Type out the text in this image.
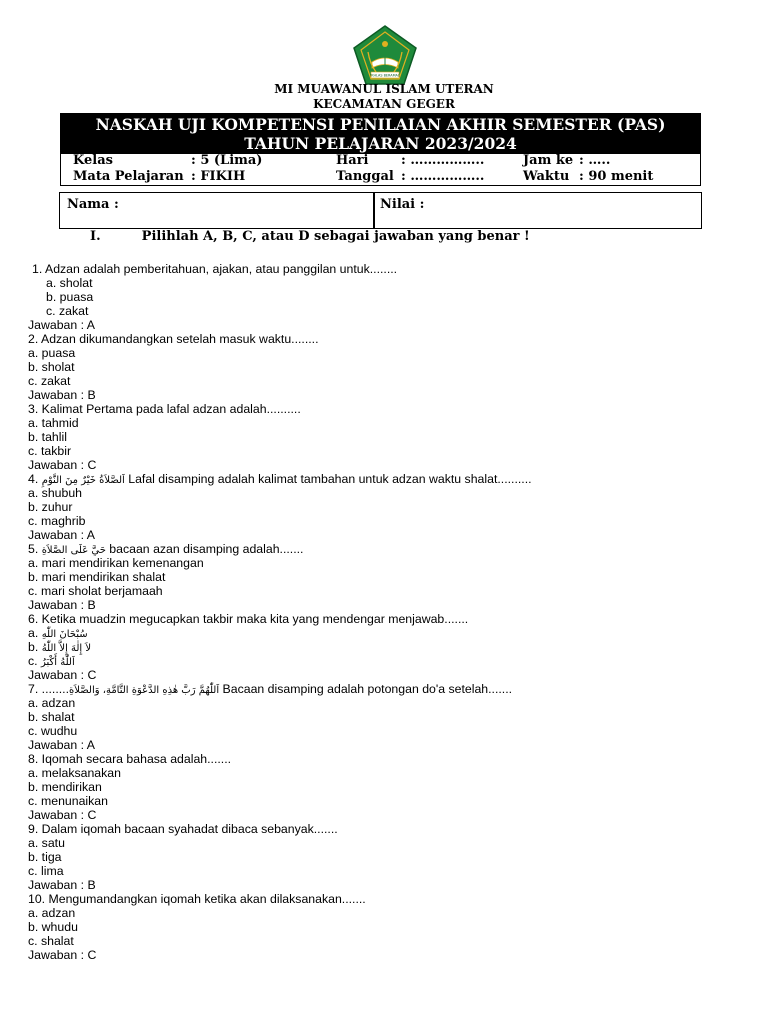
IKHLAS BERAMAL
MI MUAWANUL ISLAM UTERAN
KECAMATAN GEGER
NASKAH UJI KOMPETENSI PENILAIAN AKHIR SEMESTER (PAS)
TAHUN PELAJARAN 2023/2024
Kelas	: 5 (Lima)	Hari	: ……………..	Jam ke : …..
Mata Pelajaran : FIKIH	Tanggal : ……………..	Waktu : 90 menit
Nama :	Nilai :
I.	Pilihlah A, B, C, atau D sebagai jawaban yang benar !
1. Adzan adalah pemberitahuan, ajakan, atau panggilan untuk........
a. sholat
b. puasa
c. zakat
Jawaban : A
2. Adzan dikumandangkan setelah masuk waktu........
a. puasa
b. sholat
c. zakat
Jawaban : B
3. Kalimat Pertama pada lafal adzan adalah..........
a. tahmid
b. tahlil
c. takbir
Jawaban : C
4. اَلصَّلاَةُ خَيْرٌ مِنَ النَّوْمِ Lafal disamping adalah kalimat tambahan untuk adzan waktu shalat..........
a. shubuh
b. zuhur
c. maghrib
Jawaban : A
5. حَيَّ عَلَى الصَّلاَةِ bacaan azan disamping adalah.......
a. mari mendirikan kemenangan
b. mari mendirikan shalat
c. mari sholat berjamaah
Jawaban : B
6. Ketika muadzin megucapkan takbir maka kita yang mendengar menjawab.......
a. سُبْحَانَ اللّٰهِ
b. لاَ إِلٰهَ إِلاَّ اللّٰهُ
c. اَللّٰهُ أَكْبَرُ
Jawaban : C
7. ........اَللّٰهُمَّ رَبَّ هٰذِهِ الدَّعْوَةِ التَّامَّةِ، وَالصَّلاَةِ Bacaan disamping adalah potongan do'a setelah.......
a. adzan
b. shalat
c. wudhu
Jawaban : A
8. Iqomah secara bahasa adalah.......
a. melaksanakan
b. mendirikan
c. menunaikan
Jawaban : C
9. Dalam iqomah bacaan syahadat dibaca sebanyak.......
a. satu
b. tiga
c. lima
Jawaban : B
10. Mengumandangkan iqomah ketika akan dilaksanakan.......
a. adzan
b. whudu
c. shalat
Jawaban : C
